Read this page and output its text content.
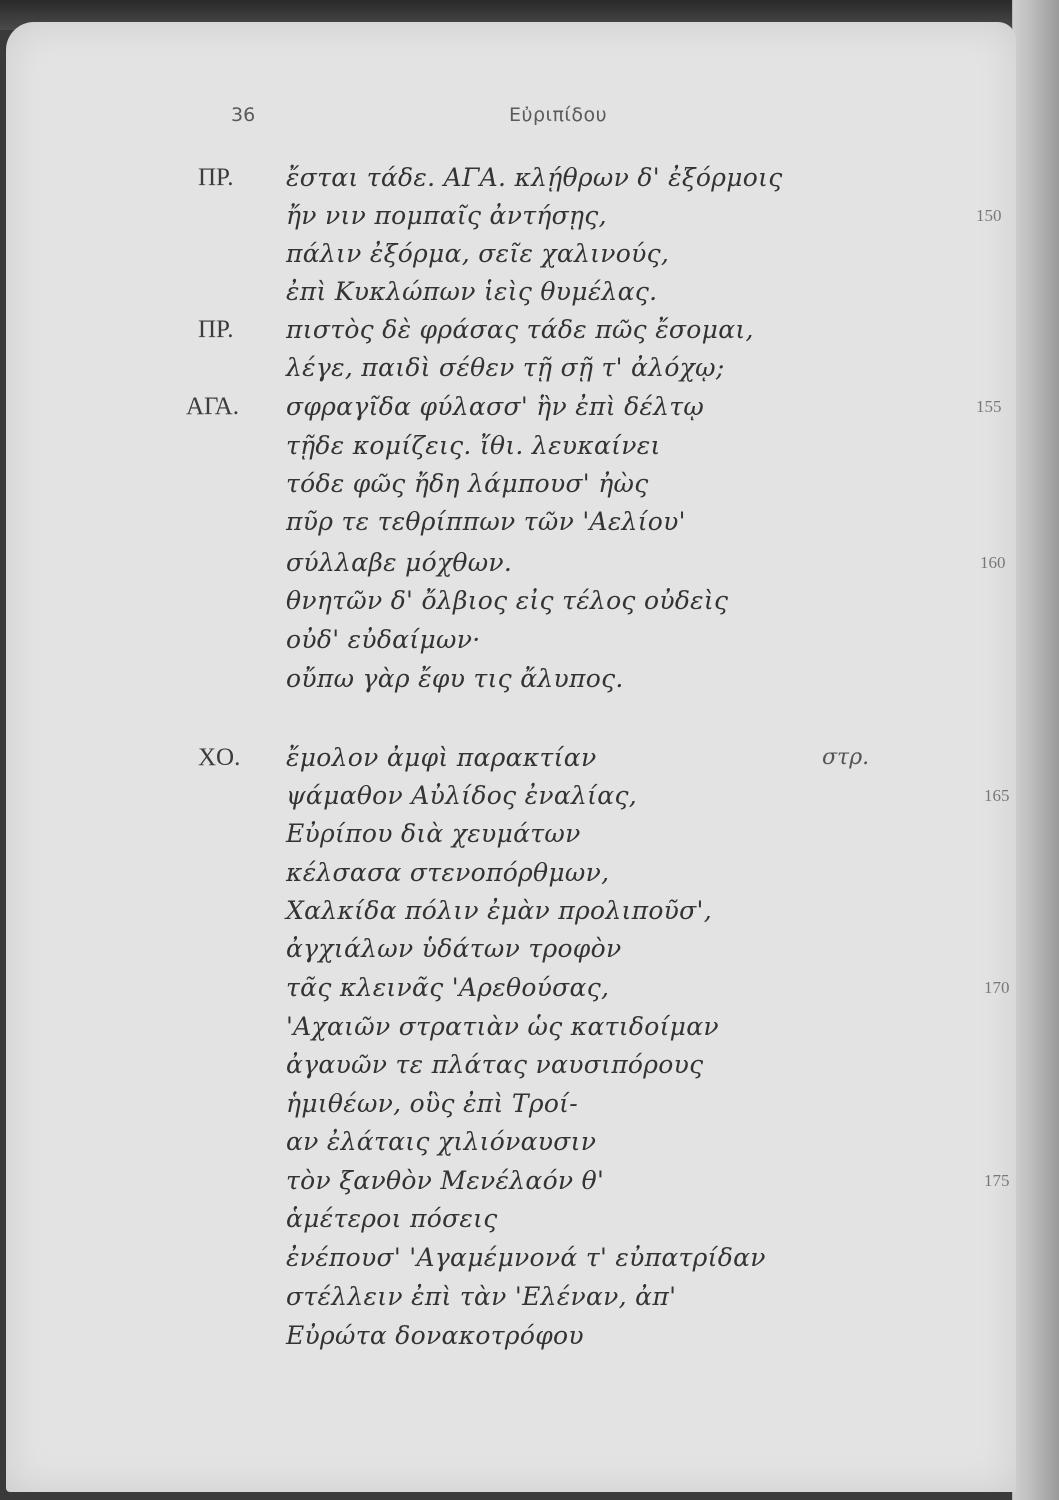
36	Εὐριπίδου
ΠΡ.
ΠΡ.
ΑΓΑ.
ΧΟ.
ἔσται τάδε. ΑΓΑ. κλῄθρων δ' ἐξόρμοις
ἤν νιν πομπαῖς ἀντήσῃς,
πάλιν ἐξόρμα, σεῖε χαλινούς,
ἐπὶ Κυκλώπων ἱεὶς θυμέλας.
πιστὸς δὲ φράσας τάδε πῶς ἔσομαι,
λέγε, παιδὶ σέθεν τῇ σῇ τ' ἀλόχῳ;
σφραγῖδα φύλασσ' ἣν ἐπὶ δέλτῳ
τῇδε κομίζεις. ἴθι. λευκαίνει
τόδε φῶς ἤδη λάμπουσ' ἠὼς
πῦρ τε τεθρίππων τῶν 'Αελίου'
σύλλαβε μόχθων.
θνητῶν δ' ὄλβιος εἰς τέλος οὐδεὶς
οὐδ' εὐδαίμων·
οὔπω γὰρ ἔφυ τις ἄλυπος.
ἔμολον ἀμφὶ παρακτίαν
ψάμαθον Αὐλίδος ἐναλίας,
Εὐρίπου διὰ χευμάτων
κέλσασα στενοπόρθμων,
Χαλκίδα πόλιν ἐμὰν προλιποῦσ',
ἀγχιάλων ὑδάτων τροφὸν
τᾶς κλεινᾶς 'Αρεθούσας,
'Αχαιῶν στρατιὰν ὡς κατιδοίμαν
ἀγαυῶν τε πλάτας ναυσιπόρους
ἡμιθέων, οὓς ἐπὶ Τροί-
αν ἐλάταις χιλιόναυσιν
τὸν ξανθὸν Μενέλαόν θ'
ἁμέτεροι πόσεις
ἐνέπουσ' 'Αγαμέμνονά τ' εὐπατρίδαν
στέλλειν ἐπὶ τὰν 'Ελέναν, ἀπ'
Εὐρώτα δονακοτρόφου
150
155
160
165
170
175
στρ.
